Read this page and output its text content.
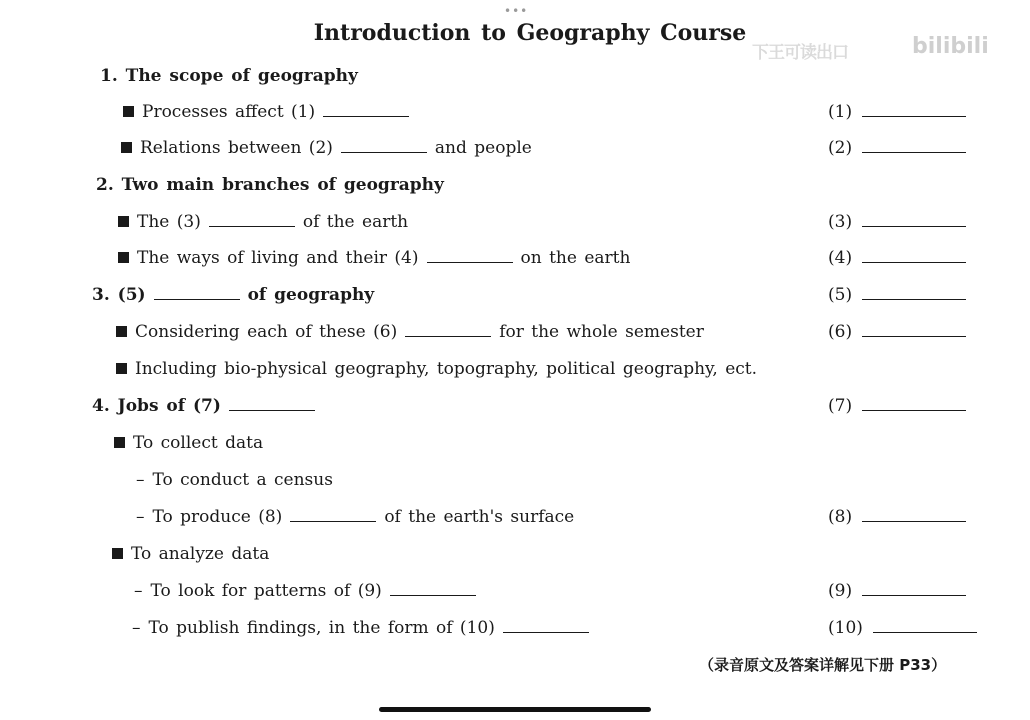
•••
Introduction to Geography Course
下王可读出口	bilibili
1. The scope of geography
Processes affect (1)	(1)
Relations between (2)	and people	(2)
2. Two main branches of geography
The (3)	of the earth	(3)
The ways of living and their (4)	on the earth	(4)
3. (5)	of geography	(5)
Considering each of these (6)	for the whole semester	(6)
Including bio-physical geography, topography, political geography, ect.
4. Jobs of (7)	(7)
To collect data
– To conduct a census
– To produce (8)	of the earth's surface	(8)
To analyze data
– To look for patterns of (9)	(9)
– To publish findings, in the form of (10)	(10)
（录音原文及答案详解见下册 P33）
